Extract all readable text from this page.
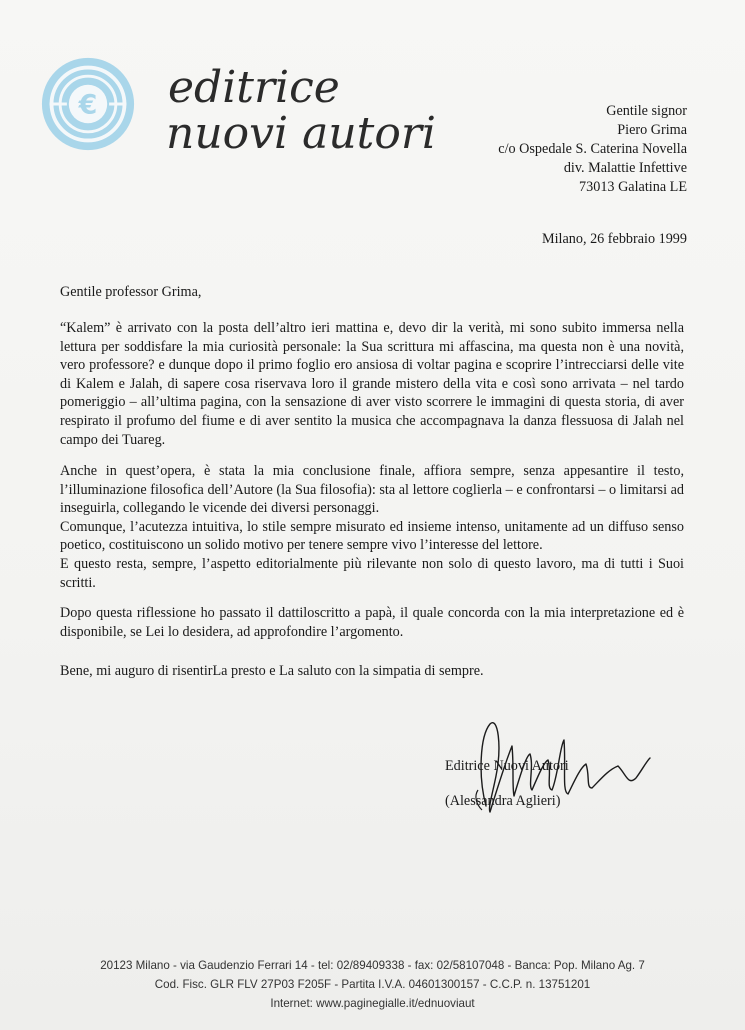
€ editrice
nuovi autori	Gentile signor
Piero Grima
c/o Ospedale S. Caterina Novella
div. Malattie Infettive
73013 Galatina LE
Milano, 26 febbraio 1999
Gentile professor Grima,

“Kalem” è arrivato con la posta dell’altro ieri mattina e, devo dir la verità, mi sono subito immersa nella lettura per soddisfare la mia curiosità personale: la Sua scrittura mi affascina, ma questa non è una novità, vero professore? e dunque dopo il primo foglio ero ansiosa di voltar pagina e scoprire l’intrecciarsi delle vite di Kalem e Jalah, di sapere cosa riservava loro il grande mistero della vita e così sono arrivata – nel tardo pomeriggio – all’ultima pagina, con la sensazione di aver visto scorrere le immagini di questa storia, di aver respirato il profumo del fiume e di aver sentito la musica che accompagnava la danza flessuosa di Jalah nel campo dei Tuareg.

Anche in quest’opera, è stata la mia conclusione finale, affiora sempre, senza appesantire il testo, l’illuminazione filosofica dell’Autore (la Sua filosofia): sta al lettore coglierla – e confrontarsi – o limitarsi ad inseguirla, collegando le vicende dei diversi personaggi.

Comunque, l’acutezza intuitiva, lo stile sempre misurato ed insieme intenso, unitamente ad un diffuso senso poetico, costituiscono un solido motivo per tenere sempre vivo l’interesse del lettore.

E questo resta, sempre, l’aspetto editorialmente più rilevante non solo di questo lavoro, ma di tutti i Suoi scritti.

Dopo questa riflessione ho passato il dattiloscritto a papà, il quale concorda con la mia interpretazione ed è disponibile, se Lei lo desidera, ad approfondire l’argomento.

Bene, mi auguro di risentirLa presto e La saluto con la simpatia di sempre.

Editrice Nuovi Autori
(Alessandra Aglieri)
20123 Milano - via Gaudenzio Ferrari 14 - tel: 02/89409338 - fax: 02/58107048 - Banca: Pop. Milano Ag. 7
Cod. Fisc. GLR FLV 27P03 F205F - Partita I.V.A. 04601300157 - C.C.P. n. 13751201
Internet: www.paginegialle.it/ednuoviaut
